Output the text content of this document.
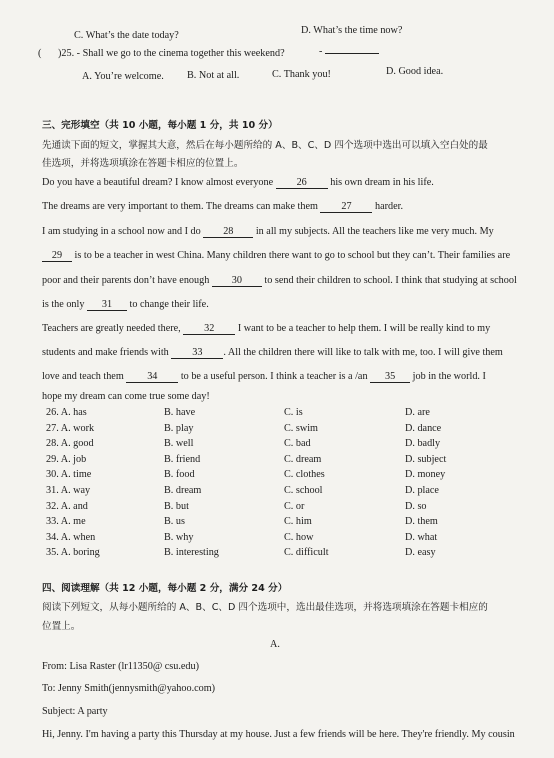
C. What’s the date today?	D. What’s the time now?
( )25. - Shall we go to the cinema together this weekend?	-
A. You’re welcome. B. Not at all.	C. Thank you!	D. Good idea.
三、完形填空（共 10 小题，每小题 1 分，共 10 分）
先通读下面的短文，掌握其大意，然后在每小题所给的 A、B、C、D 四个选项中选出可以填入空白处的最
佳选项，并将选项填涂在答题卡相应的位置上。
Do you have a beautiful dream? I know almost everyone 26 his own dream in his life.
The dreams are very important to them. The dreams can make them 27 harder.
I am studying in a school now and I do 28 in all my subjects. All the teachers like me very much. My
29 is to be a teacher in west China. Many children there want to go to school but they can’t. Their families are
poor and their parents don’t have enough 30 to send their children to school. I think that studying at school
is the only 31 to change their life.
Teachers are greatly needed there, 32 I want to be a teacher to help them. I will be really kind to my
students and make friends with 33 . All the children there will like to talk with me, too. I will give them
love and teach them 34 to be a useful person. I think a teacher is a /an 35 job in the world. I
hope my dream can come true some day!
26. A. has	B. have	C. is	D. are
27. A. work	B. play	C. swim	D. dance
28. A. good	B. well	C. bad	D. badly
29. A. job	B. friend	C. dream	D. subject
30. A. time	B. food	C. clothes	D. money
31. A. way	B. dream	C. school	D. place
32. A. and	B. but	C. or	D. so
33. A. me	B. us	C. him	D. them
34. A. when	B. why	C. how	D. what
35. A. boring	B. interesting	C. difficult	D. easy
四、阅读理解（共 12 小题，每小题 2 分，满分 24 分）
阅读下列短文，从每小题所给的 A、B、C、D 四个选项中，选出最佳选项，并将选项填涂在答题卡相应的
位置上。
A.
From: Lisa Raster (lr11350@ csu.edu)
To: Jenny Smith(jennysmith@yahoo.com)
Subject: A party
Hi, Jenny. I'm having a party this Thursday at my house. Just a few friends will be here. They're friendly. My cousin
